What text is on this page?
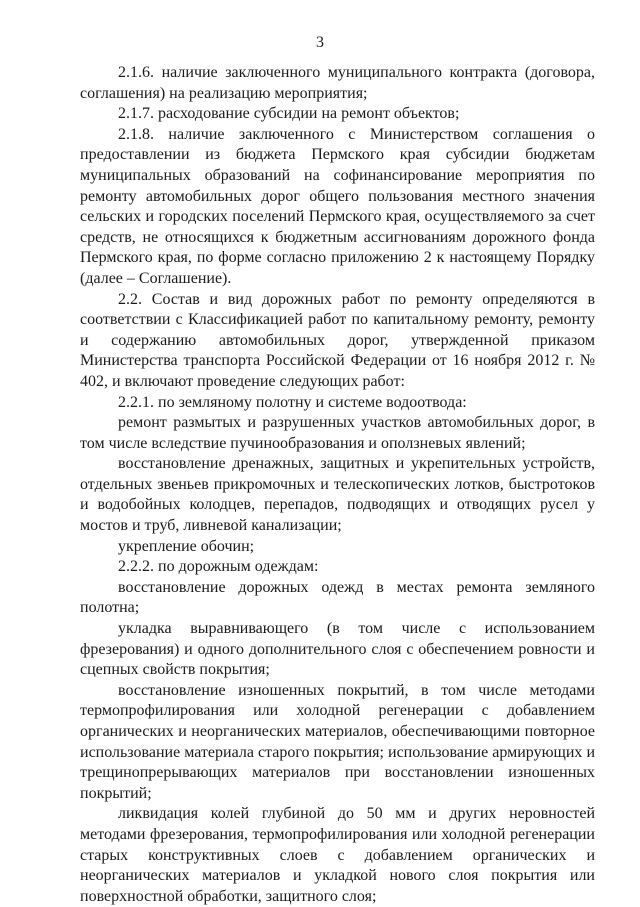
3

2.1.6. наличие заключенного муниципального контракта (договора, соглашения) на реализацию мероприятия;

2.1.7. расходование субсидии на ремонт объектов;

2.1.8. наличие заключенного с Министерством соглашения о предоставлении из бюджета Пермского края субсидии бюджетам муниципальных образований на софинансирование мероприятия по ремонту автомобильных дорог общего пользования местного значения сельских и городских поселений Пермского края, осуществляемого за счет средств, не относящихся к бюджетным ассигнованиям дорожного фонда Пермского края, по форме согласно приложению 2 к настоящему Порядку (далее – Соглашение).

2.2. Состав и вид дорожных работ по ремонту определяются в соответствии с Классификацией работ по капитальному ремонту, ремонту и содержанию автомобильных дорог, утвержденной приказом Министерства транспорта Российской Федерации от 16 ноября 2012 г. № 402, и включают проведение следующих работ:

2.2.1. по земляному полотну и системе водоотвода:

ремонт размытых и разрушенных участков автомобильных дорог, в том числе вследствие пучинообразования и оползневых явлений;

восстановление дренажных, защитных и укрепительных устройств, отдельных звеньев прикромочных и телескопических лотков, быстротоков и водобойных колодцев, перепадов, подводящих и отводящих русел у мостов и труб, ливневой канализации;

укрепление обочин;

2.2.2. по дорожным одеждам:

восстановление дорожных одежд в местах ремонта земляного полотна;

укладка выравнивающего (в том числе с использованием фрезерования) и одного дополнительного слоя с обеспечением ровности и сцепных свойств покрытия;

восстановление изношенных покрытий, в том числе методами термопрофилирования или холодной регенерации с добавлением органических и неорганических материалов, обеспечивающими повторное использование материала старого покрытия; использование армирующих и трещинопрерывающих материалов при восстановлении изношенных покрытий;

ликвидация колей глубиной до 50 мм и других неровностей методами фрезерования, термопрофилирования или холодной регенерации старых конструктивных слоев с добавлением органических и неорганических материалов и укладкой нового слоя покрытия или поверхностной обработки, защитного слоя;
